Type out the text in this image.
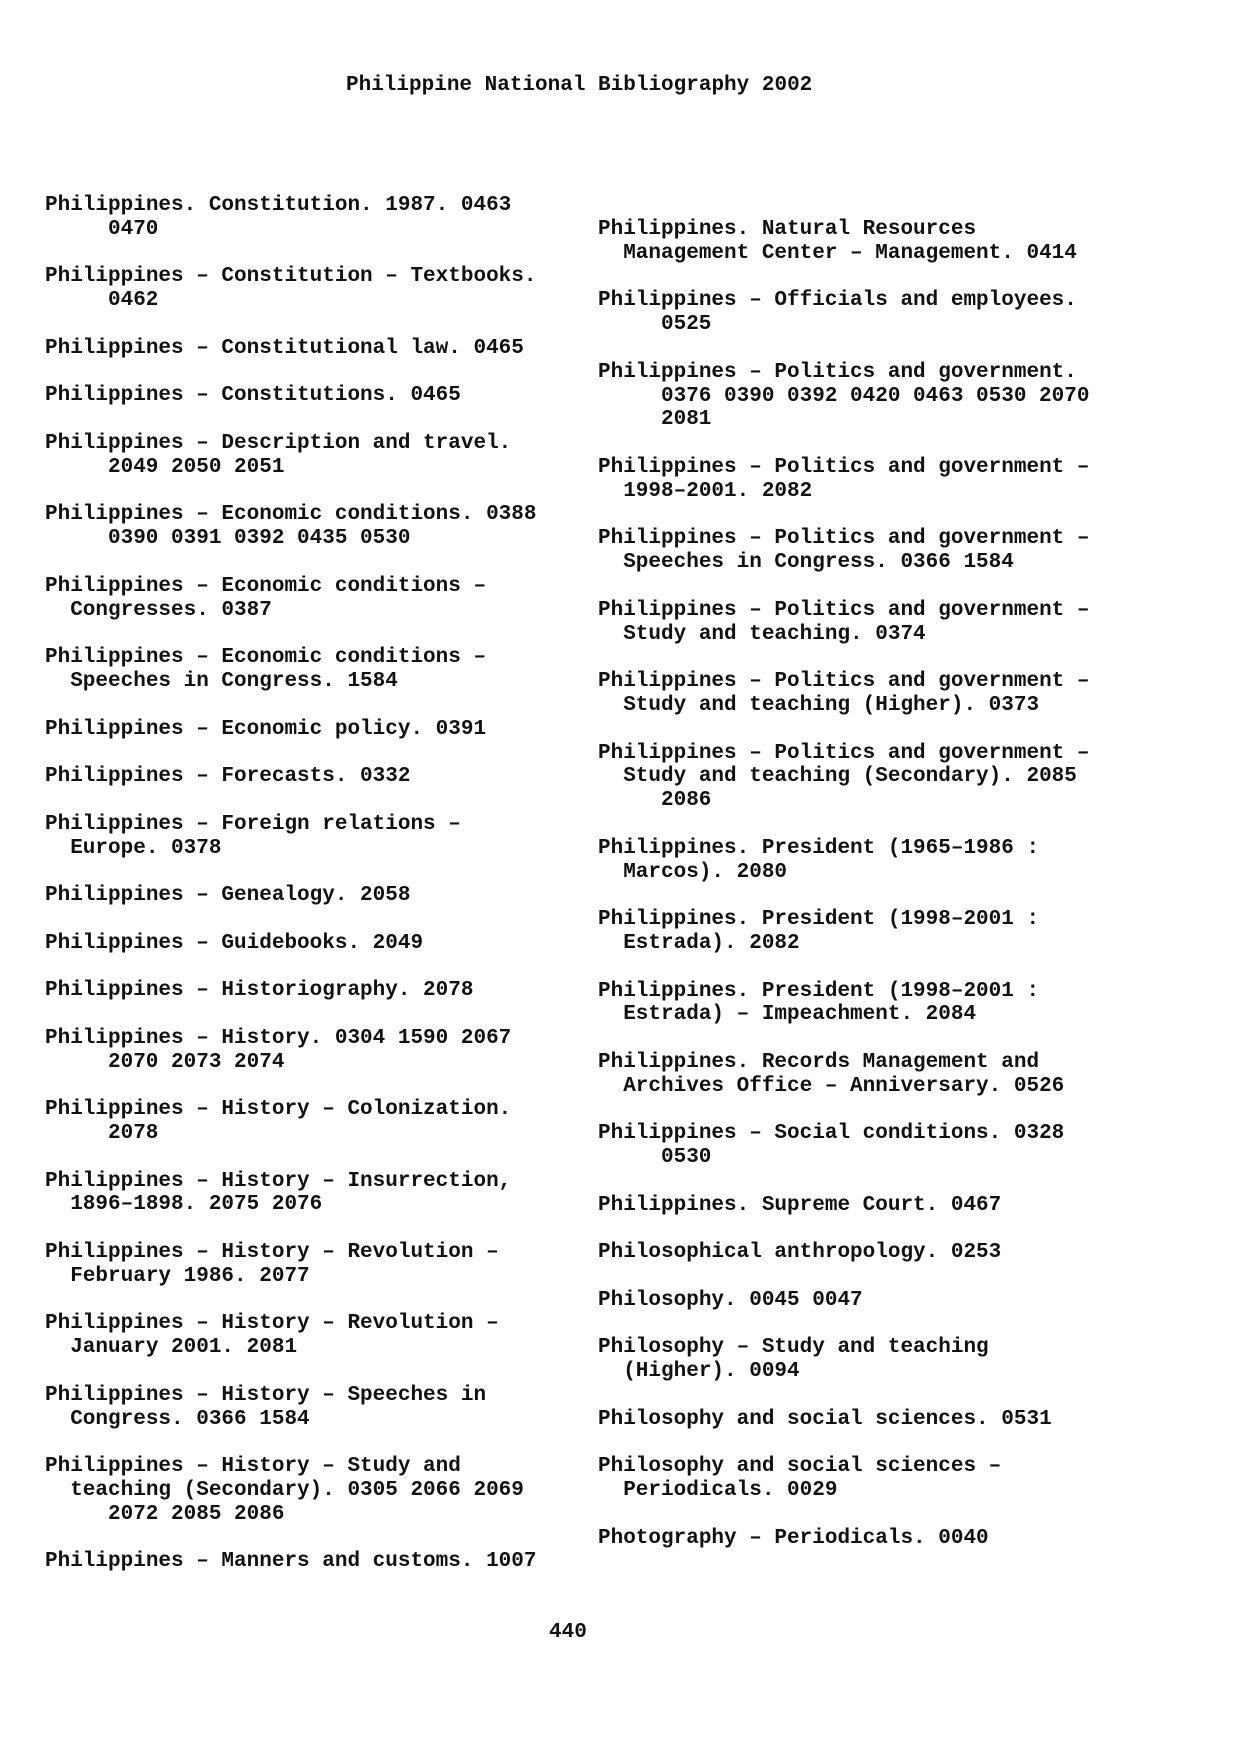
Philippine National Bibliography 2002
Philippines. Constitution. 1987. 0463
0470
Philippines – Constitution – Textbooks.
0462
Philippines – Constitutional law. 0465
Philippines – Constitutions. 0465
Philippines – Description and travel.
2049 2050 2051
Philippines – Economic conditions. 0388
0390 0391 0392 0435 0530
Philippines – Economic conditions –
Congresses. 0387
Philippines – Economic conditions –
Speeches in Congress. 1584
Philippines – Economic policy. 0391
Philippines – Forecasts. 0332
Philippines – Foreign relations –
Europe. 0378
Philippines – Genealogy. 2058
Philippines – Guidebooks. 2049
Philippines – Historiography. 2078
Philippines – History. 0304 1590 2067
2070 2073 2074
Philippines – History – Colonization.
2078
Philippines – History – Insurrection,
1896–1898. 2075 2076
Philippines – History – Revolution –
February 1986. 2077
Philippines – History – Revolution –
January 2001. 2081
Philippines – History – Speeches in
Congress. 0366 1584
Philippines – History – Study and
teaching (Secondary). 0305 2066 2069
2072 2085 2086
Philippines – Manners and customs. 1007
Philippines. Natural Resources
Management Center – Management. 0414
Philippines – Officials and employees.
0525
Philippines – Politics and government.
0376 0390 0392 0420 0463 0530 2070
2081
Philippines – Politics and government –
1998–2001. 2082
Philippines – Politics and government –
Speeches in Congress. 0366 1584
Philippines – Politics and government –
Study and teaching. 0374
Philippines – Politics and government –
Study and teaching (Higher). 0373
Philippines – Politics and government –
Study and teaching (Secondary). 2085
2086
Philippines. President (1965–1986 :
Marcos). 2080
Philippines. President (1998–2001 :
Estrada). 2082
Philippines. President (1998–2001 :
Estrada) – Impeachment. 2084
Philippines. Records Management and
Archives Office – Anniversary. 0526
Philippines – Social conditions. 0328
0530
Philippines. Supreme Court. 0467
Philosophical anthropology. 0253
Philosophy. 0045 0047
Philosophy – Study and teaching
(Higher). 0094
Philosophy and social sciences. 0531
Philosophy and social sciences –
Periodicals. 0029
Photography – Periodicals. 0040
440
